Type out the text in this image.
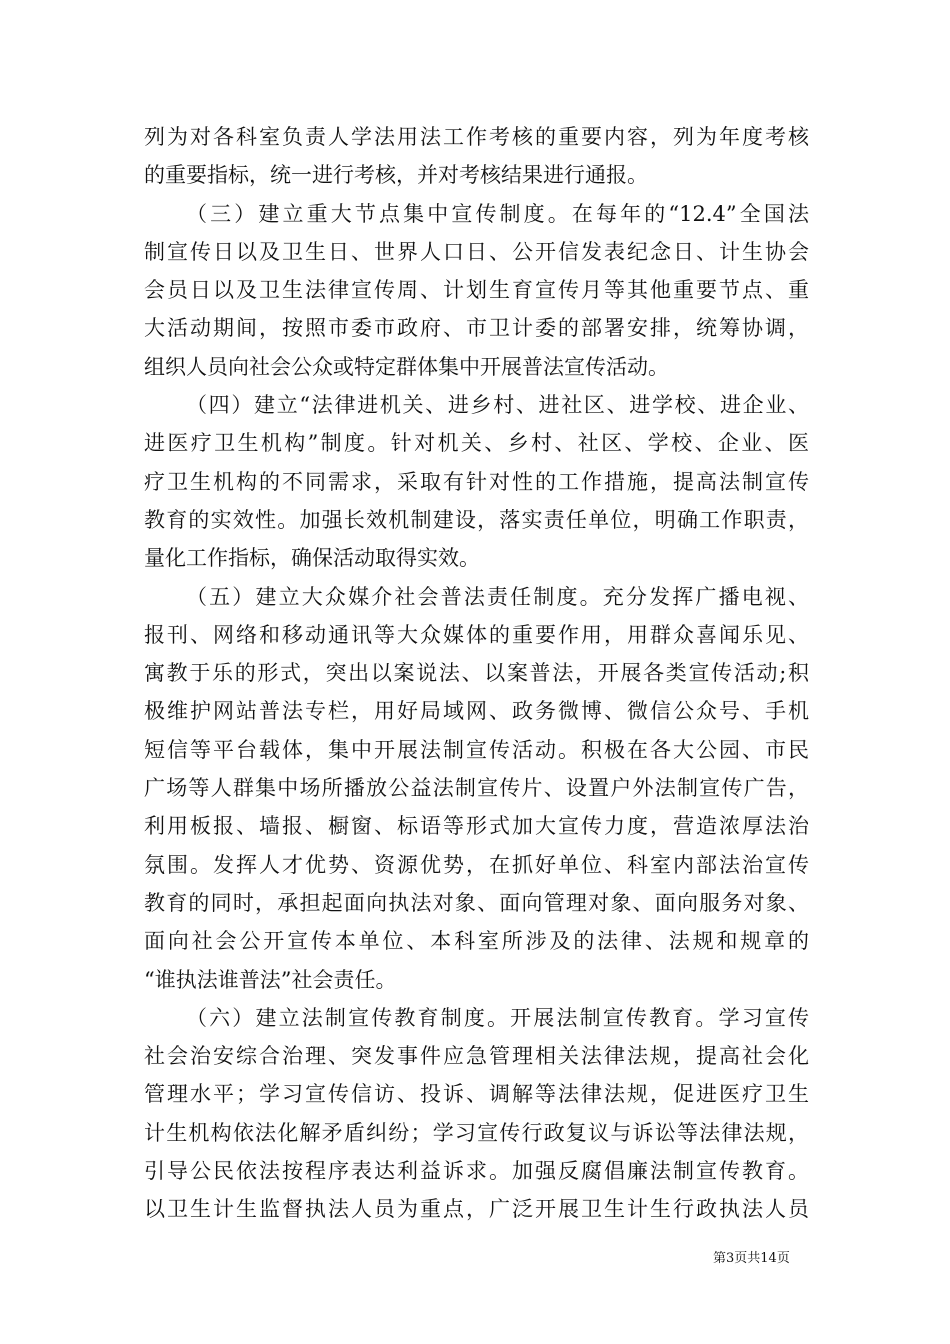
列为对各科室负责人学法用法工作考核的重要内容，列为年度考核
的重要指标，统一进行考核，并对考核结果进行通报。
（三）建立重大节点集中宣传制度。在每年的“12.4”全国法
制宣传日以及卫生日、世界人口日、公开信发表纪念日、计生协会
会员日以及卫生法律宣传周、计划生育宣传月等其他重要节点、重
大活动期间，按照市委市政府、市卫计委的部署安排，统筹协调，
组织人员向社会公众或特定群体集中开展普法宣传活动。
（四）建立“法律进机关、进乡村、进社区、进学校、进企业、
进医疗卫生机构”制度。针对机关、乡村、社区、学校、企业、医
疗卫生机构的不同需求，采取有针对性的工作措施，提高法制宣传
教育的实效性。加强长效机制建设，落实责任单位，明确工作职责，
量化工作指标，确保活动取得实效。
（五）建立大众媒介社会普法责任制度。充分发挥广播电视、
报刊、网络和移动通讯等大众媒体的重要作用，用群众喜闻乐见、
寓教于乐的形式，突出以案说法、以案普法，开展各类宣传活动;积
极维护网站普法专栏，用好局域网、政务微博、微信公众号、手机
短信等平台载体，集中开展法制宣传活动。积极在各大公园、市民
广场等人群集中场所播放公益法制宣传片、设置户外法制宣传广告，
利用板报、墙报、橱窗、标语等形式加大宣传力度，营造浓厚法治
氛围。发挥人才优势、资源优势，在抓好单位、科室内部法治宣传
教育的同时，承担起面向执法对象、面向管理对象、面向服务对象、
面向社会公开宣传本单位、本科室所涉及的法律、法规和规章的
“谁执法谁普法”社会责任。
（六）建立法制宣传教育制度。开展法制宣传教育。学习宣传
社会治安综合治理、突发事件应急管理相关法律法规，提高社会化
管理水平；学习宣传信访、投诉、调解等法律法规，促进医疗卫生
计生机构依法化解矛盾纠纷；学习宣传行政复议与诉讼等法律法规，
引导公民依法按程序表达利益诉求。加强反腐倡廉法制宣传教育。
以卫生计生监督执法人员为重点，广泛开展卫生计生行政执法人员
第3页共14页
